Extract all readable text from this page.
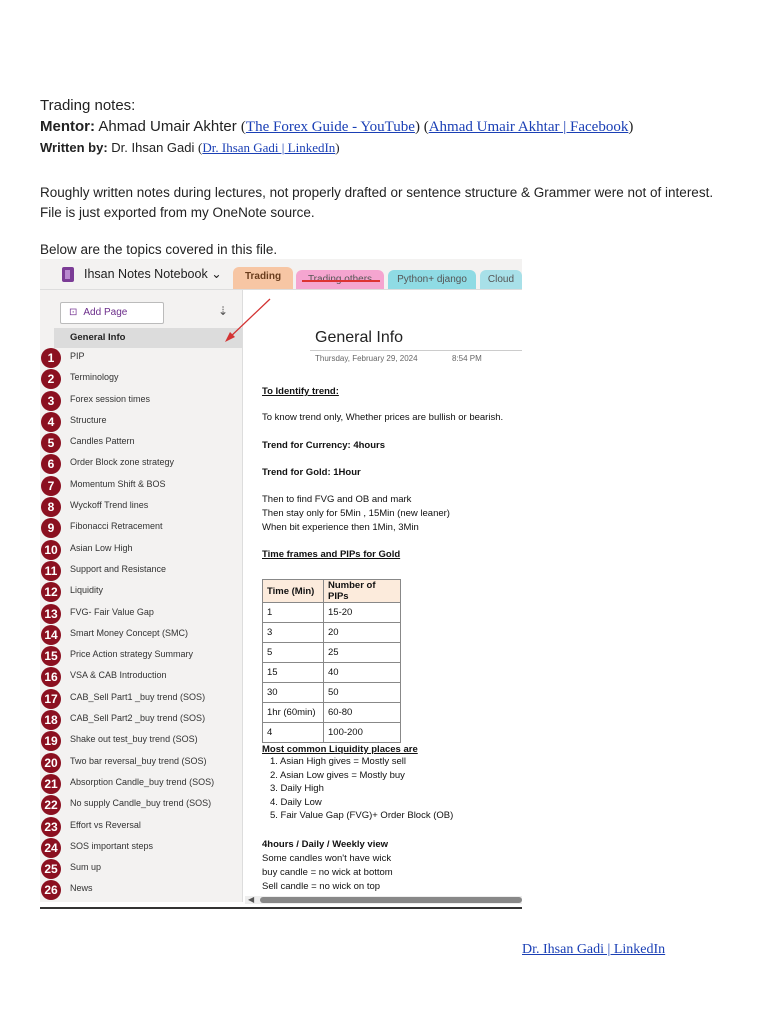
Trading notes:
Mentor: Ahmad Umair Akhter (The Forex Guide - YouTube) (Ahmad Umair Akhtar | Facebook)
Written by: Dr. Ihsan Gadi (Dr. Ihsan Gadi | LinkedIn)
Roughly written notes during lectures, not properly drafted or sentence structure & Grammer were not of interest. File is just exported from my OneNote source.
Below are the topics covered in this file.
Ihsan Notes Notebook ⌄	Trading	Python+ django	Cloud
⊡ Add Page	⇣
General Info
1	PIP
2	Terminology
3	Forex session times
4	Structure
5	Candles Pattern
6	Order Block zone strategy
7	Momentum Shift & BOS
8	Wyckoff Trend lines
9	Fibonacci Retracement
10	Asian Low High
11	Support and Resistance
12	Liquidity
13	FVG- Fair Value Gap
14	Smart Money Concept (SMC)
15	Price Action strategy Summary
16	VSA & CAB Introduction
17	CAB_Sell Part1 _buy trend (SOS)
18	CAB_Sell Part2 _buy trend (SOS)
19	Shake out test_buy trend (SOS)
20	Two bar reversal_buy trend (SOS)
21	Absorption Candle_buy trend (SOS)
22	No supply Candle_buy trend (SOS)
23	Effort vs Reversal
24	SOS important steps
25	Sum up
26	News
General Info
Thursday, February 29, 2024	8:54 PM
To Identify trend:
To know trend only, Whether prices are bullish or bearish.
Trend for Currency: 4hours
Trend for Gold: 1Hour
Then to find FVG and OB and mark
Then stay only for 5Min , 15Min (new leaner)
When bit experience then 1Min, 3Min
Time frames and PIPs for Gold
Time (Min)	Number of PIPs
1	15-20
3	20
5	25
15	40
30	50
1hr (60min)	60-80
4	100-200
Most common Liquidity places are
1. Asian High gives = Mostly sell
2. Asian Low gives = Mostly buy
3. Daily High
4. Daily Low
5. Fair Value Gap (FVG)+ Order Block (OB)
4hours / Daily / Weekly view
Some candles won't have wick
buy candle = no wick at bottom
Sell candle = no wick on top
◀
Dr. Ihsan Gadi | LinkedIn
